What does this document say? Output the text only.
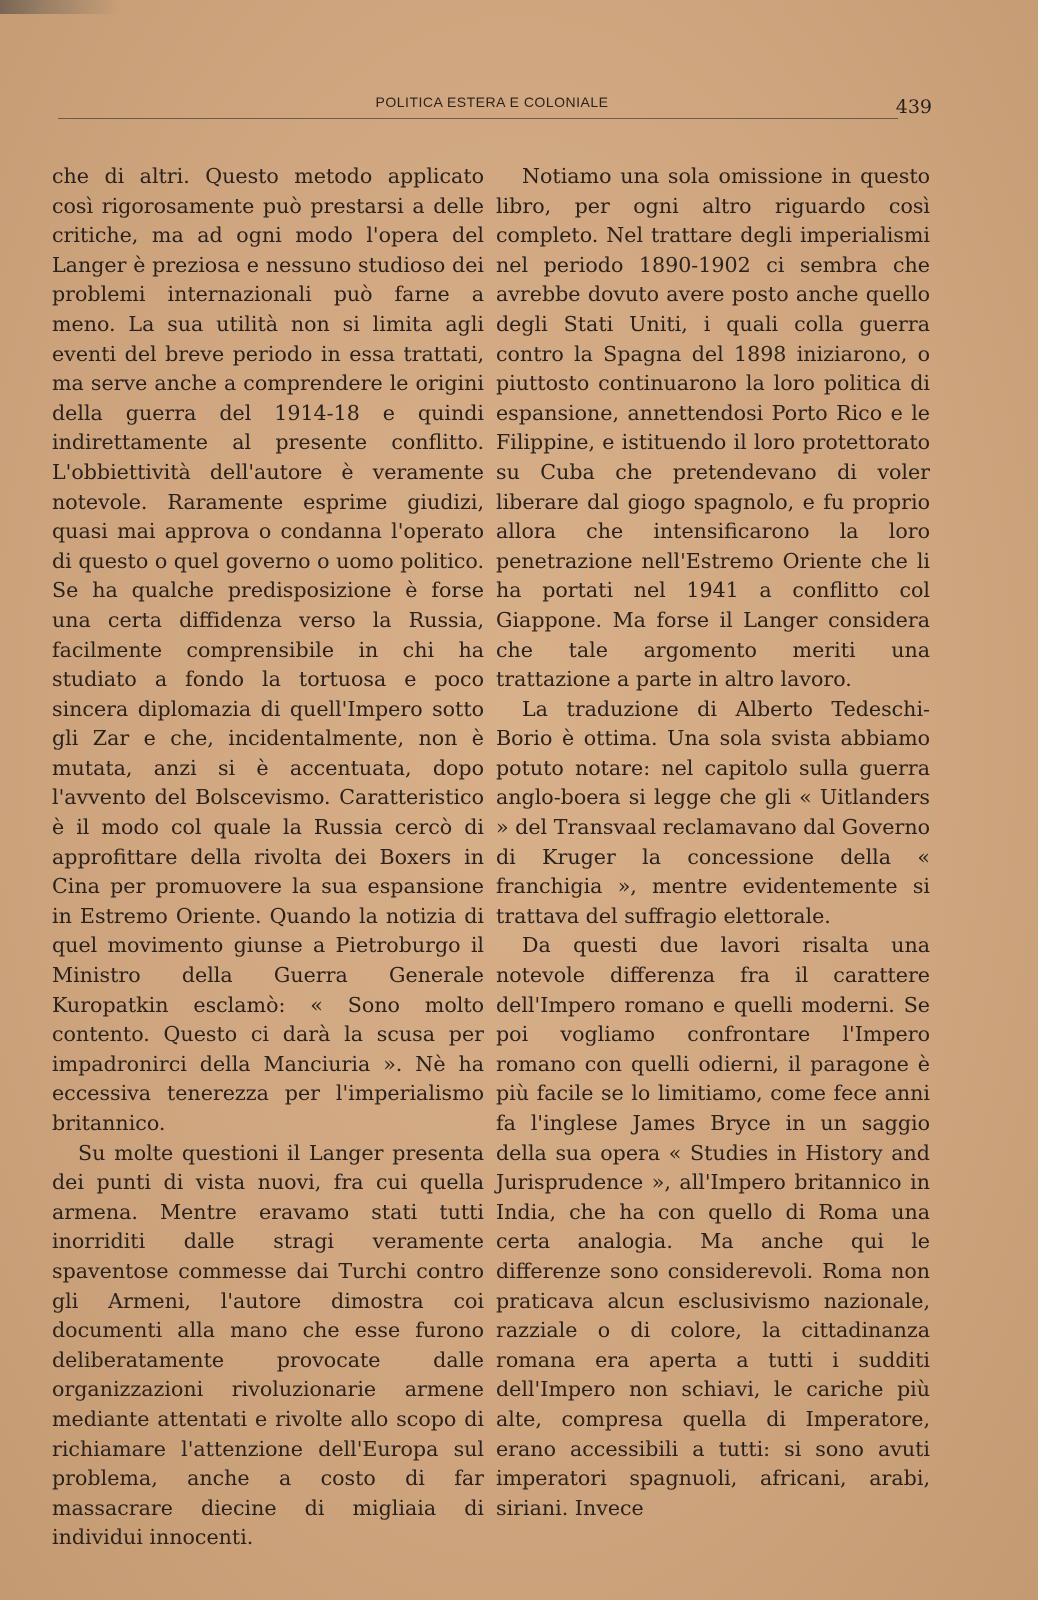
POLITICA ESTERA E COLONIALE	439

che di altri. Questo metodo applicato così rigorosamente può prestarsi a delle critiche, ma ad ogni modo l'opera del Langer è preziosa e nessuno studioso dei problemi internazionali può farne a meno. La sua utilità non si limita agli eventi del breve periodo in essa trattati, ma serve anche a comprendere le origini della guerra del 1914-18 e quindi indirettamente al presente conflitto. L'obbiettività dell'autore è veramente notevole. Raramente esprime giudizi, quasi mai approva o condanna l'operato di questo o quel governo o uomo politico. Se ha qualche predisposizione è forse una certa diffidenza verso la Russia, facilmente comprensibile in chi ha studiato a fondo la tortuosa e poco sincera diplomazia di quell'Impero sotto gli Zar e che, incidentalmente, non è mutata, anzi si è accentuata, dopo l'avvento del Bolscevismo. Caratteristico è il modo col quale la Russia cercò di approfittare della rivolta dei Boxers in Cina per promuovere la sua espansione in Estremo Oriente. Quando la notizia di quel movimento giunse a Pietroburgo il Ministro della Guerra Generale Kuropatkin esclamò: « Sono molto contento. Questo ci darà la scusa per impadronirci della Manciuria ». Nè ha eccessiva tenerezza per l'imperialismo britannico.

Su molte questioni il Langer presenta dei punti di vista nuovi, fra cui quella armena. Mentre eravamo stati tutti inorriditi dalle stragi veramente spaventose commesse dai Turchi contro gli Armeni, l'autore dimostra coi documenti alla mano che esse furono deliberatamente provocate dalle organizzazioni rivoluzionarie armene mediante attentati e rivolte allo scopo di richiamare l'attenzione dell'Europa sul problema, anche a costo di far massacrare diecine di migliaia di individui innocenti.

Notiamo una sola omissione in questo libro, per ogni altro riguardo così completo. Nel trattare degli imperialismi nel periodo 1890-1902 ci sembra che avrebbe dovuto avere posto anche quello degli Stati Uniti, i quali colla guerra contro la Spagna del 1898 iniziarono, o piuttosto continuarono la loro politica di espansione, annettendosi Porto Rico e le Filippine, e istituendo il loro protettorato su Cuba che pretendevano di voler liberare dal giogo spagnolo, e fu proprio allora che intensificarono la loro penetrazione nell'Estremo Oriente che li ha portati nel 1941 a conflitto col Giappone. Ma forse il Langer considera che tale argomento meriti una trattazione a parte in altro lavoro.

La traduzione di Alberto Tedeschi-Borio è ottima. Una sola svista abbiamo potuto notare: nel capitolo sulla guerra anglo-boera si legge che gli « Uitlanders » del Transvaal reclamavano dal Governo di Kruger la concessione della « franchigia », mentre evidentemente si trattava del suffragio elettorale.

Da questi due lavori risalta una notevole differenza fra il carattere dell'Impero romano e quelli moderni. Se poi vogliamo confrontare l'Impero romano con quelli odierni, il paragone è più facile se lo limitiamo, come fece anni fa l'inglese James Bryce in un saggio della sua opera « Studies in History and Jurisprudence », all'Impero britannico in India, che ha con quello di Roma una certa analogia. Ma anche qui le differenze sono considerevoli. Roma non praticava alcun esclusivismo nazionale, razziale o di colore, la cittadinanza romana era aperta a tutti i sudditi dell'Impero non schiavi, le cariche più alte, compresa quella di Imperatore, erano accessibili a tutti: si sono avuti imperatori spagnuoli, africani, arabi, siriani. Invece
